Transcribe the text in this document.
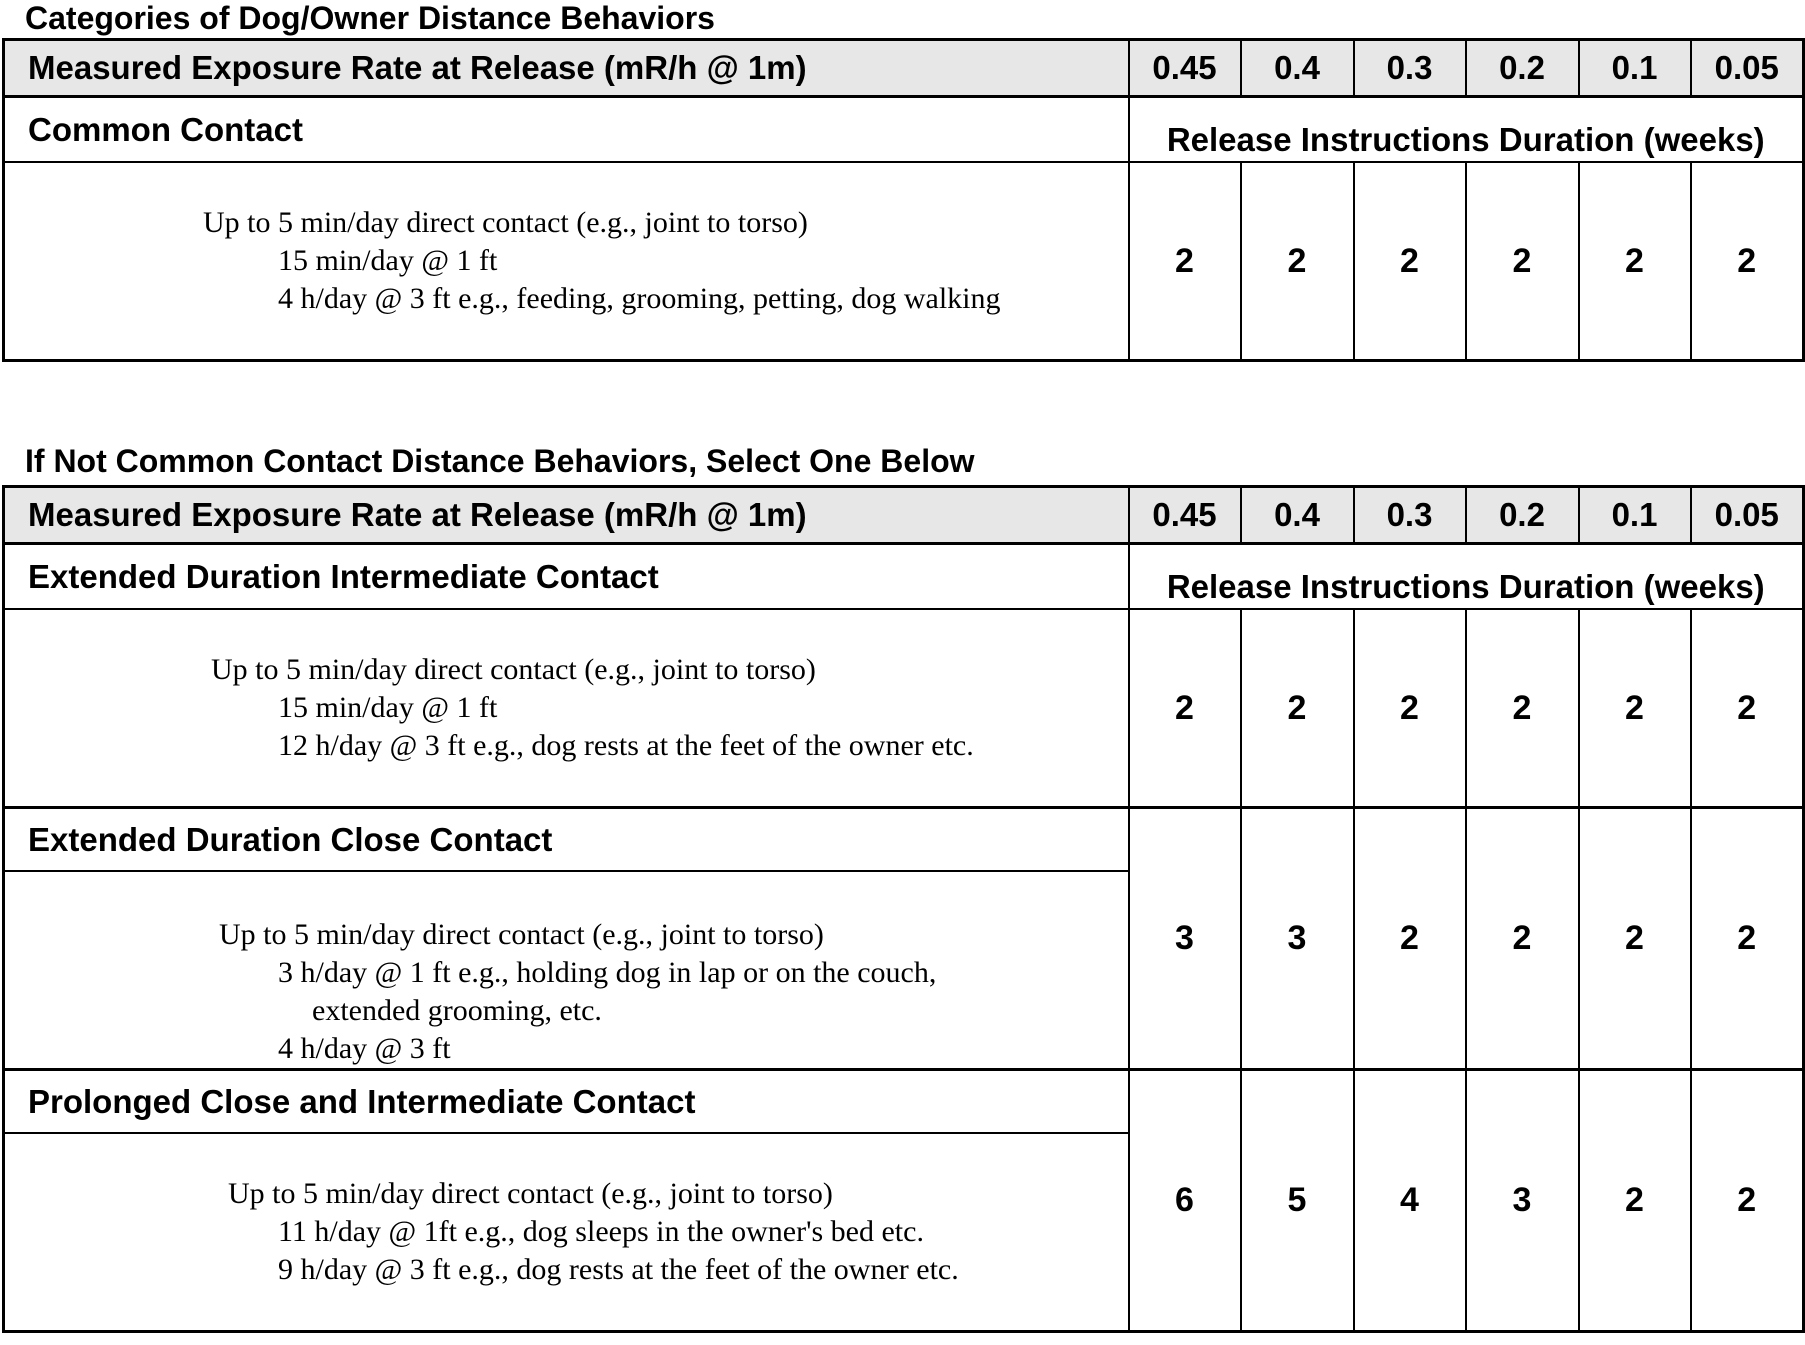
Categories of Dog/Owner Distance Behaviors
Measured Exposure Rate at Release (mR/h @ 1m)	0.45	0.4	0.3	0.2	0.1	0.05
Common Contact	Release Instructions Duration (weeks)					

Up to 5 min/day direct contact (e.g., joint to torso)
15 min/day @ 1 ft
4 h/day @ 3 ft e.g., feeding, grooming, petting, dog walking	2	2	2	2	2	2
If Not Common Contact Distance Behaviors, Select One Below
Measured Exposure Rate at Release (mR/h @ 1m)	0.45	0.4	0.3	0.2	0.1	0.05
Extended Duration Intermediate Contact	Release Instructions Duration (weeks)					

Up to 5 min/day direct contact (e.g., joint to torso)
15 min/day @ 1 ft
12 h/day @ 3 ft e.g., dog rests at the feet of the owner etc.	2	2	2	2	2	2
Extended Duration Close Contact	3	3	2	2	2	2

Up to 5 min/day direct contact (e.g., joint to torso)
3 h/day @ 1 ft e.g., holding dog in lap or on the couch,
extended grooming, etc.
4 h/day @ 3 ft						

Prolonged Close and Intermediate Contact	6	5	4	3	2	2

Up to 5 min/day direct contact (e.g., joint to torso)
11 h/day @ 1ft e.g., dog sleeps in the owner's bed etc.
9 h/day @ 3 ft e.g., dog rests at the feet of the owner etc.						
